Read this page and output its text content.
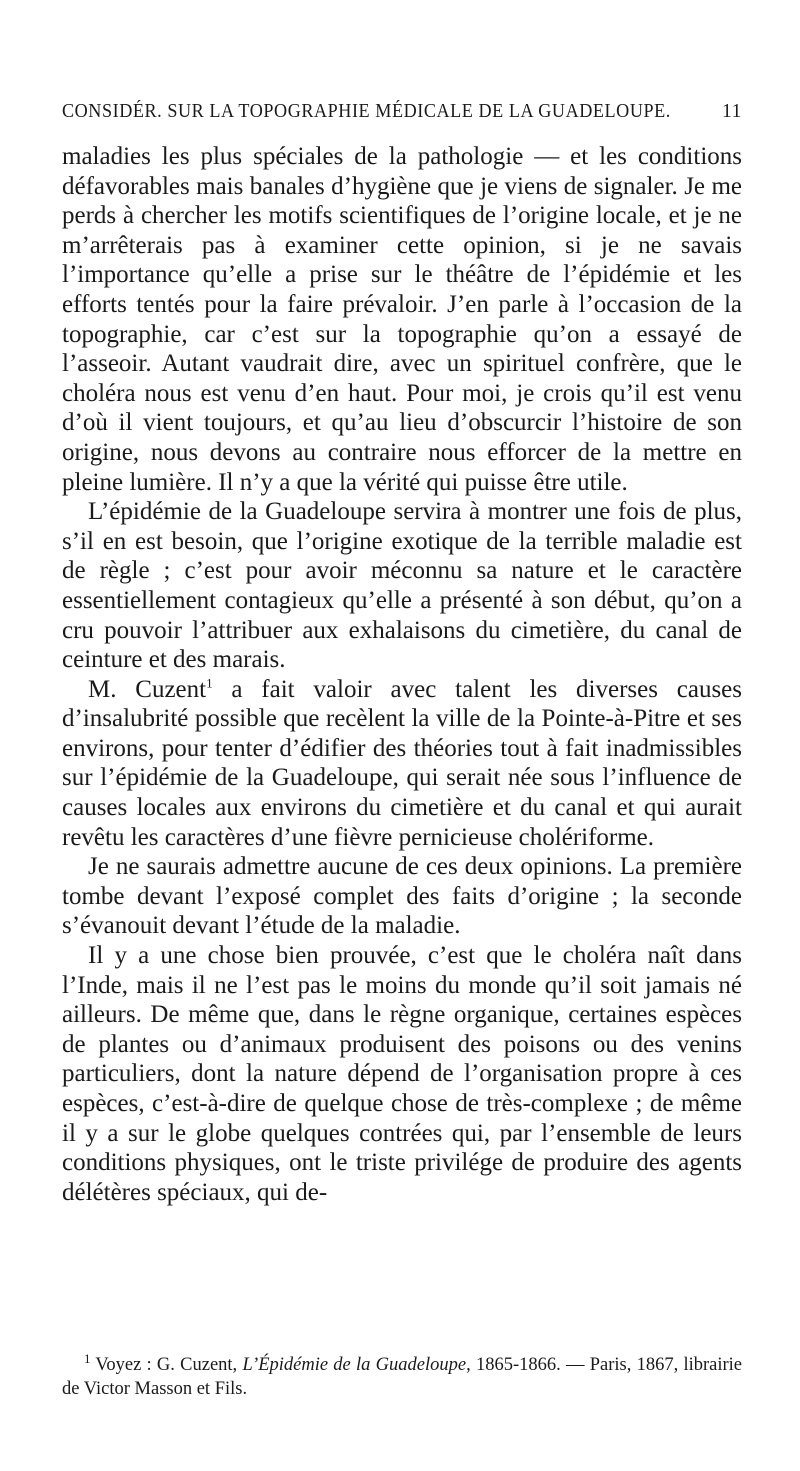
CONSIDÉR. SUR LA TOPOGRAPHIE MÉDICALE DE LA GUADELOUPE.	11

maladies les plus spéciales de la pathologie — et les conditions défavorables mais banales d’hygiène que je viens de signaler. Je me perds à chercher les motifs scientifiques de l’origine locale, et je ne m’arrêterais pas à examiner cette opinion, si je ne savais l’importance qu’elle a prise sur le théâtre de l’épidémie et les efforts tentés pour la faire prévaloir. J’en parle à l’occasion de la topographie, car c’est sur la topographie qu’on a essayé de l’asseoir. Autant vaudrait dire, avec un spirituel confrère, que le choléra nous est venu d’en haut. Pour moi, je crois qu’il est venu d’où il vient toujours, et qu’au lieu d’obscurcir l’histoire de son origine, nous devons au contraire nous efforcer de la mettre en pleine lumière. Il n’y a que la vérité qui puisse être utile.

L’épidémie de la Guadeloupe servira à montrer une fois de plus, s’il en est besoin, que l’origine exotique de la terrible maladie est de règle ; c’est pour avoir méconnu sa nature et le caractère essentiellement contagieux qu’elle a présenté à son début, qu’on a cru pouvoir l’attribuer aux exhalaisons du cimetière, du canal de ceinture et des marais.

M. Cuzent$^1$ a fait valoir avec talent les diverses causes d’insalubrité possible que recèlent la ville de la Pointe-à-Pitre et ses environs, pour tenter d’édifier des théories tout à fait inadmissibles sur l’épidémie de la Guadeloupe, qui serait née sous l’influence de causes locales aux environs du cimetière et du canal et qui aurait revêtu les caractères d’une fièvre pernicieuse cholériforme.

Je ne saurais admettre aucune de ces deux opinions. La première tombe devant l’exposé complet des faits d’origine ; la seconde s’évanouit devant l’étude de la maladie.

Il y a une chose bien prouvée, c’est que le choléra naît dans l’Inde, mais il ne l’est pas le moins du monde qu’il soit jamais né ailleurs. De même que, dans le règne organique, certaines espèces de plantes ou d’animaux produisent des poisons ou des venins particuliers, dont la nature dépend de l’organisation propre à ces espèces, c’est-à-dire de quelque chose de très-complexe ; de même il y a sur le globe quelques contrées qui, par l’ensemble de leurs conditions physiques, ont le triste privilége de produire des agents délétères spéciaux, qui de-

$^1$ Voyez : G. Cuzent, L’Épidémie de la Guadeloupe, 1865-1866. — Paris, 1867, librairie de Victor Masson et Fils.
